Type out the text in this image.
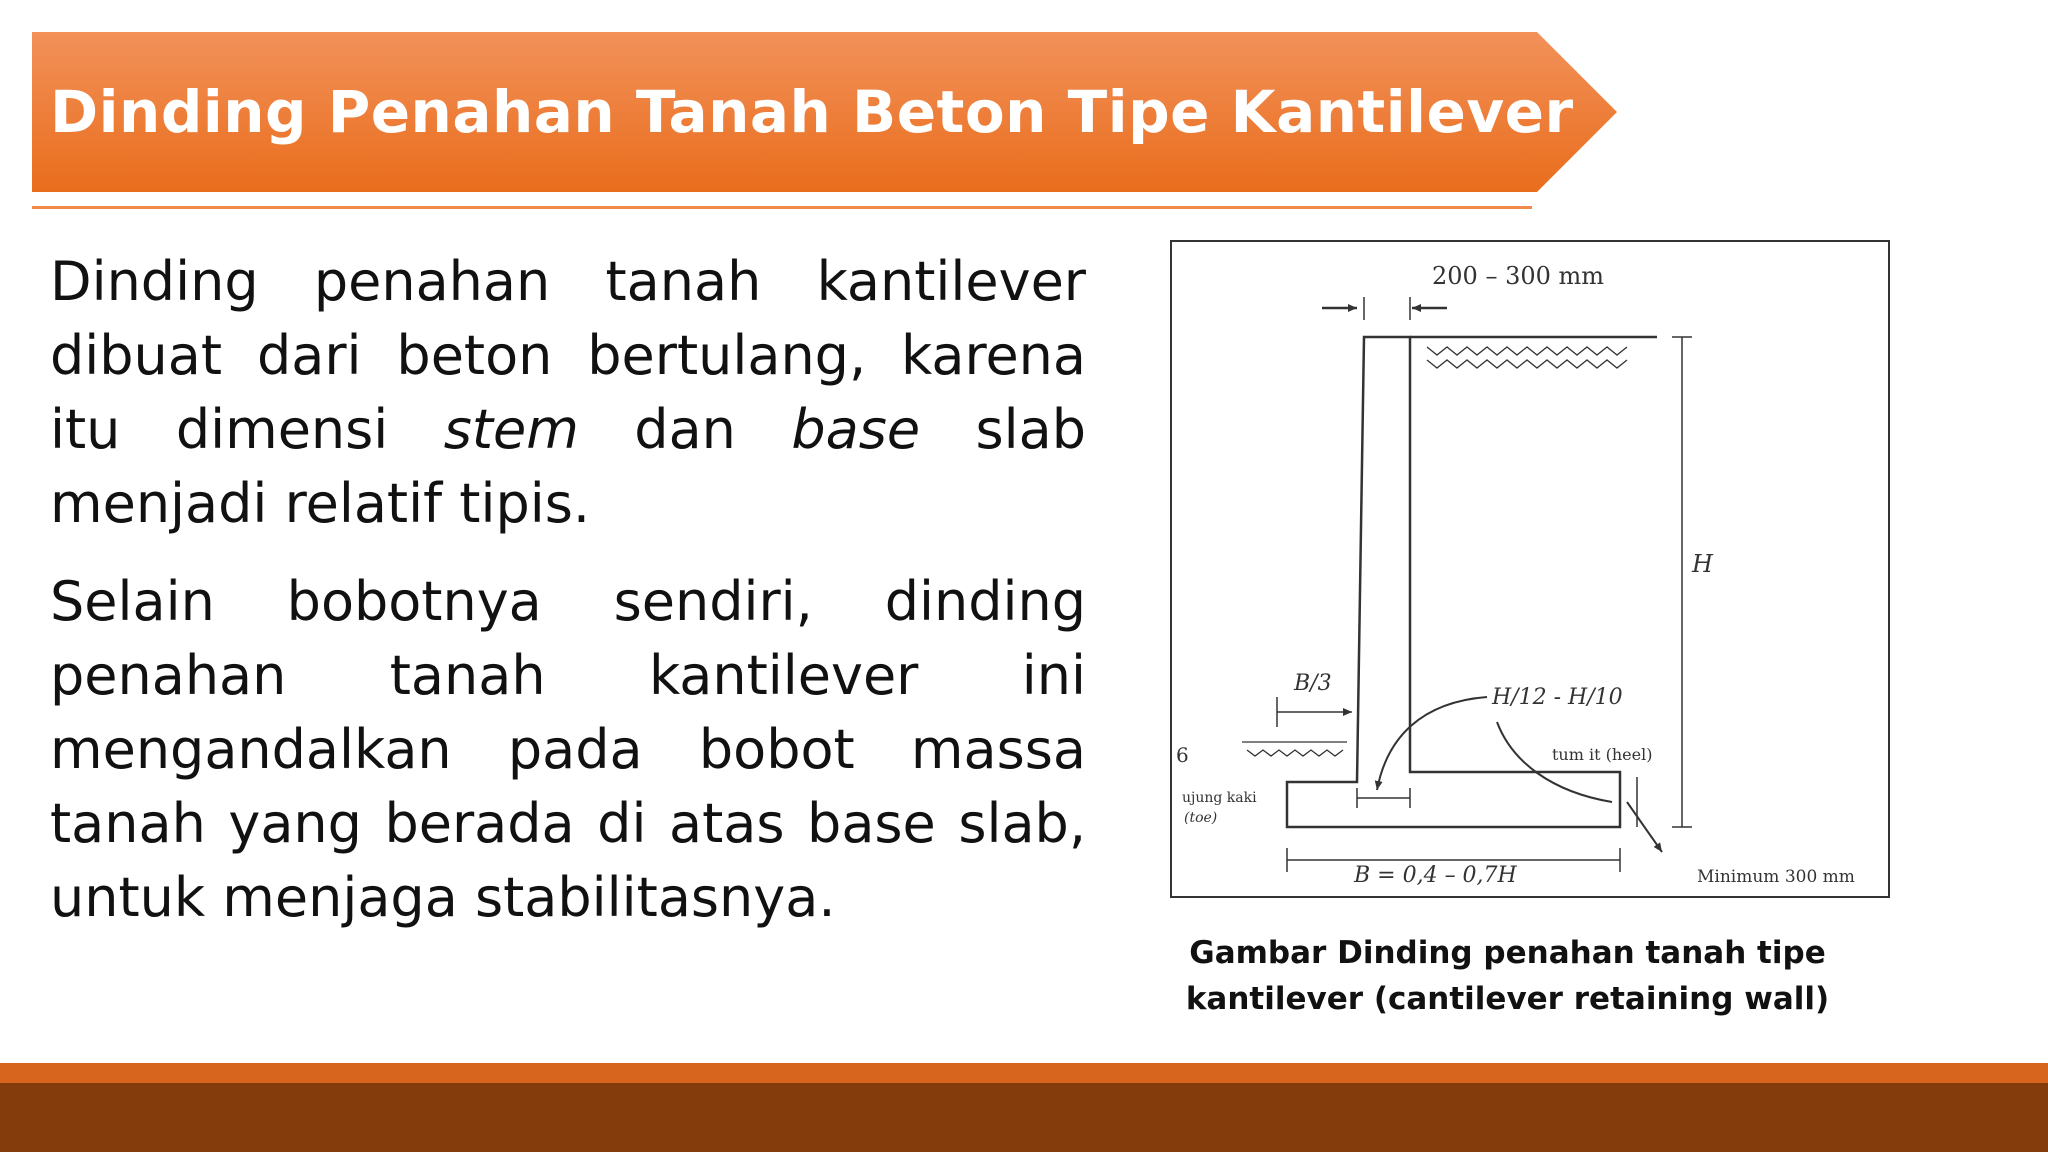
Dinding Penahan Tanah Beton Tipe Kantilever

Dinding penahan tanah kantilever dibuat dari beton bertulang, karena itu dimensi stem dan base slab menjadi relatif tipis.

Selain bobotnya sendiri, dinding penahan tanah kantilever ini mengandalkan pada bobot massa tanah yang berada di atas base slab, untuk menjaga stabilitasnya.

200 – 300 mm
H
B/3
H/12 - H/10
tum it (heel)
ujung kaki
(toe)
B = 0,4 – 0,7H	Minimum 300 mm
6
Gambar Dinding penahan tanah tipe kantilever (cantilever retaining wall)
